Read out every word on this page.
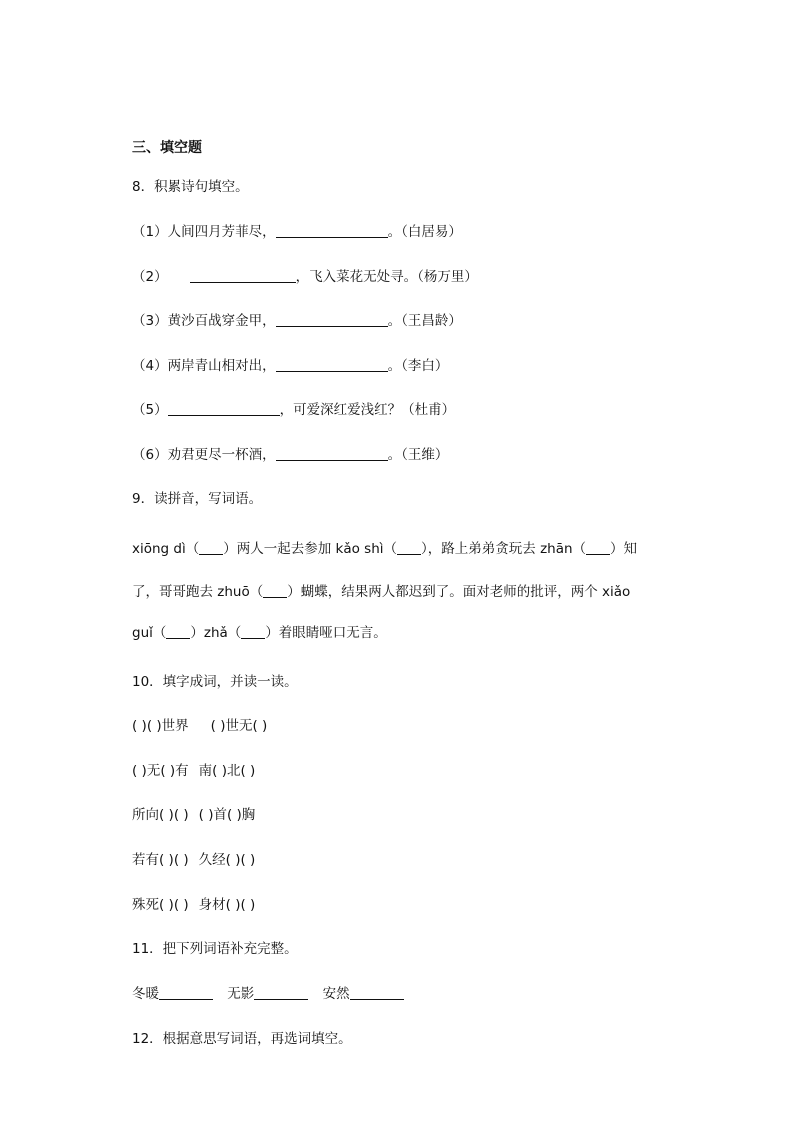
三、填空题
8．积累诗句填空。
（1）人间四月芳菲尽，	。（白居易）
（2）	，飞入菜花无处寻。（杨万里）
（3）黄沙百战穿金甲，	。（王昌龄）
（4）两岸青山相对出，	。（李白）
（5）	，可爱深红爱浅红？（杜甫）
（6）劝君更尽一杯酒，	。（王维）
9．读拼音，写词语。
xiōng dì（ ）两人一起去参加 kǎo shì（ ），路上弟弟贪玩去 zhān（ ）知
了，哥哥跑去 zhuō（ ）蝴蝶，结果两人都迟到了。面对老师的批评，两个 xiǎo
guǐ（ ）zhǎ（ ）着眼睛哑口无言。
10．填字成词，并读一读。
( )( )世界 ( )世无( )
( )无( )有 南( )北( )
所向( )( ) ( )首( )胸
若有( )( ) 久经( )( )
殊死( )( ) 身材( )( )
11．把下列词语补充完整。
冬暖	无影	安然
12．根据意思写词语，再选词填空。
